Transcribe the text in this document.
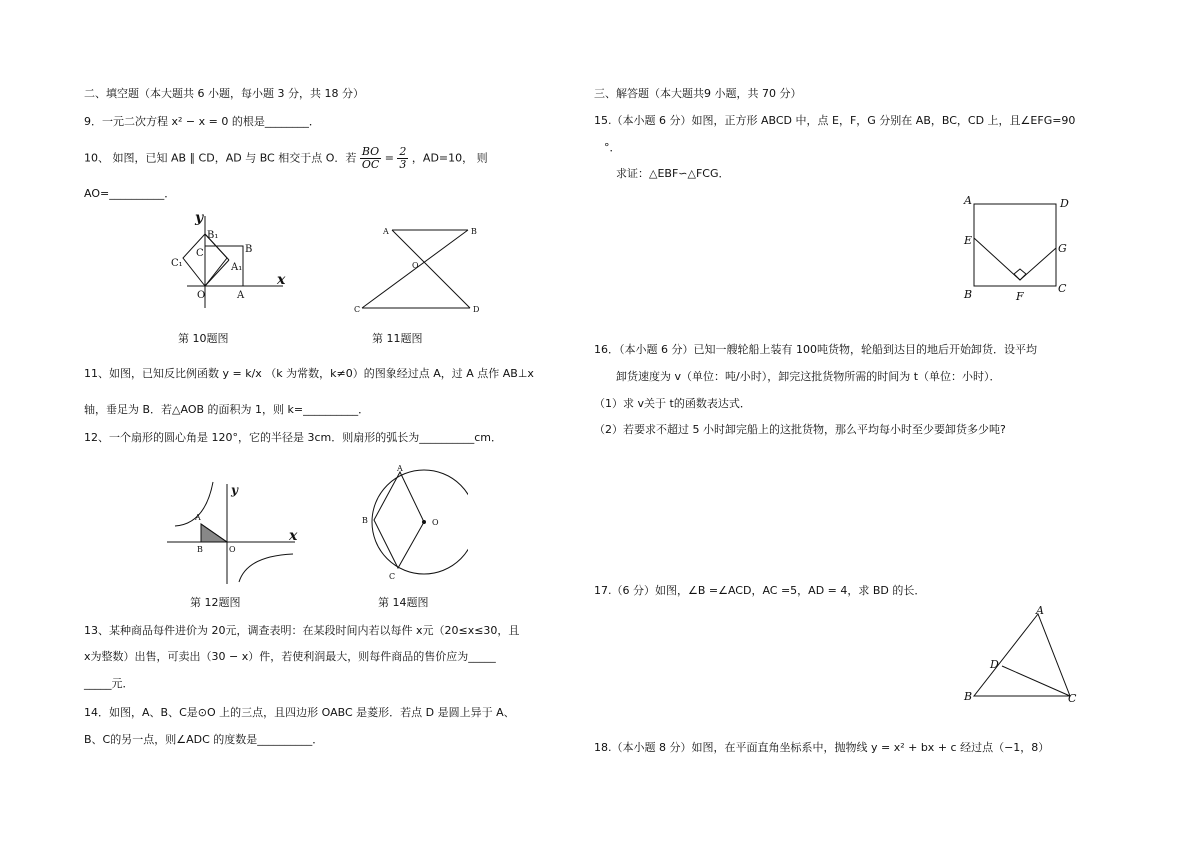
二、填空题（本大题共 6 小题，每小题 3 分，共 18 分）
9．一元二次方程 x² − x = 0 的根是________．
10、 如图，已知 AB ∥ CD，AD 与 BC 相交于点 O．若 $\frac{BO}{OC} = \frac{2}{3}$ ，AD=10， 则
AO=__________．
y
B₁
C₁
C	B
A₁
O	A
x
A	B
O
C	D
第 10题图	第 11题图
11、如图，已知反比例函数 y = k/x （k 为常数，k≠0）的图象经过点 A，过 A 点作 AB⊥x
轴，垂足为 B．若△AOB 的面积为 1，则 k=__________．
12、一个扇形的圆心角是 120°，它的半径是 3cm．则扇形的弧长为__________cm．
y
A
B	O
x
A
B	O
C
第 12题图	第 14题图
13、某种商品每件进价为 20元，调查表明：在某段时间内若以每件 x元（20≤x≤30，且
x为整数）出售，可卖出（30 − x）件，若使利润最大，则每件商品的售价应为_____
_____元．
14．如图，A、B、C是⊙O 上的三点，且四边形 OABC 是菱形．若点 D 是圆上异于 A、
B、C的另一点，则∠ADC 的度数是__________．
三、解答题（本大题共9 小题，共 70 分）
15.（本小题 6 分）如图，正方形 ABCD 中，点 E，F，G 分别在 AB，BC，CD 上，且∠EFG=90
°．
求证：△EBF∽△FCG．
A	D
E
G
B	F
C
16．（本小题 6 分）已知一艘轮船上装有 100吨货物，轮船到达目的地后开始卸货．设平均
卸货速度为 v（单位：吨/小时），卸完这批货物所需的时间为 t（单位：小时）．
（1）求 v关于 t的函数表达式．
（2）若要求不超过 5 小时卸完船上的这批货物，那么平均每小时至少要卸货多少吨?
17.（6 分）如图，∠B =∠ACD，AC =5，AD = 4，求 BD 的长．
A
D
B	C
18.（本小题 8 分）如图，在平面直角坐标系中，抛物线 y = x² + bx + c 经过点（−1，8）
